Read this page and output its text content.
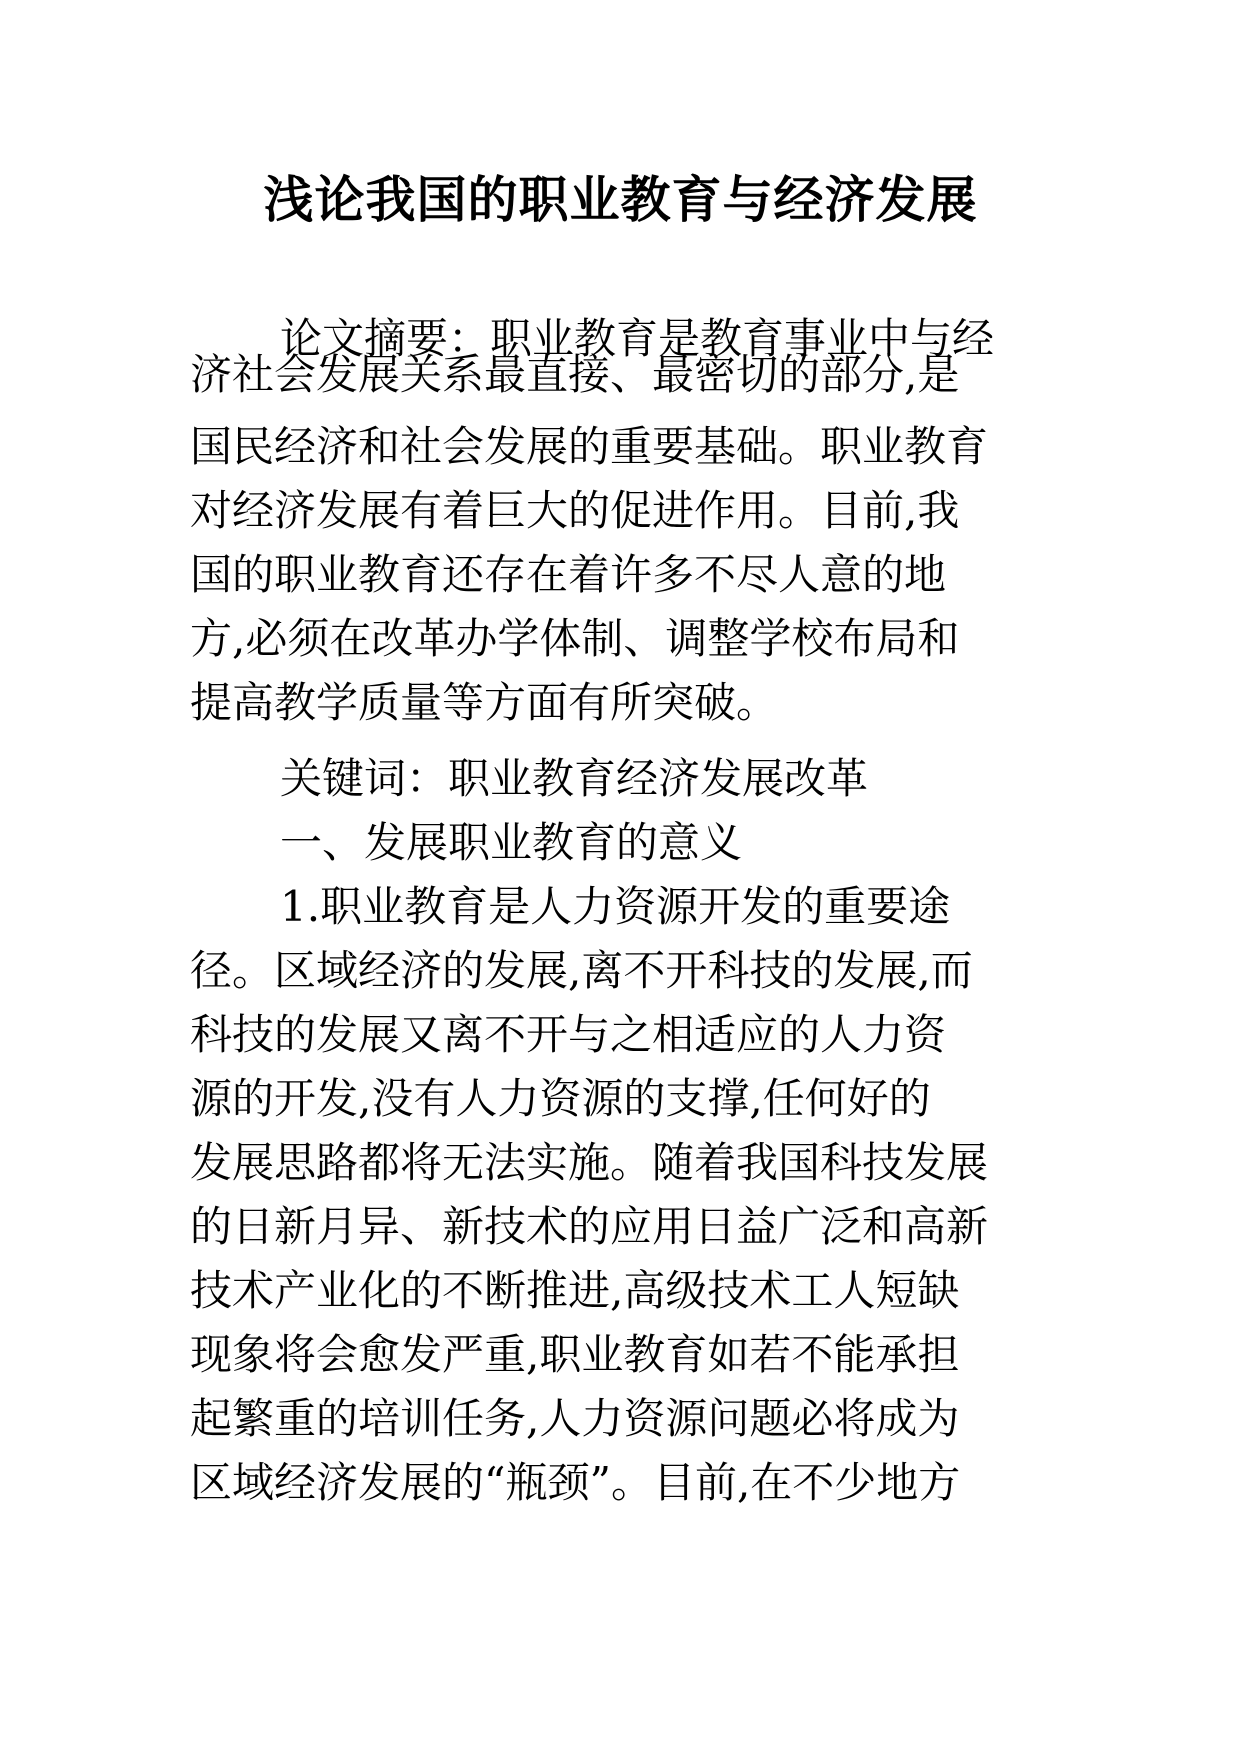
浅论我国的职业教育与经济发展
论文摘要：职业教育是教育事业中与经
济社会发展关系最直接、最密切的部分,是
国民经济和社会发展的重要基础。职业教育
对经济发展有着巨大的促进作用。目前,我
国的职业教育还存在着许多不尽人意的地
方,必须在改革办学体制、调整学校布局和
提高教学质量等方面有所突破。
关键词：职业教育经济发展改革
一、发展职业教育的意义
1.职业教育是人力资源开发的重要途
径。区域经济的发展,离不开科技的发展,而
科技的发展又离不开与之相适应的人力资
源的开发,没有人力资源的支撑,任何好的
发展思路都将无法实施。随着我国科技发展
的日新月异、新技术的应用日益广泛和高新
技术产业化的不断推进,高级技术工人短缺
现象将会愈发严重,职业教育如若不能承担
起繁重的培训任务,人力资源问题必将成为
区域经济发展的“瓶颈”。目前,在不少地方
